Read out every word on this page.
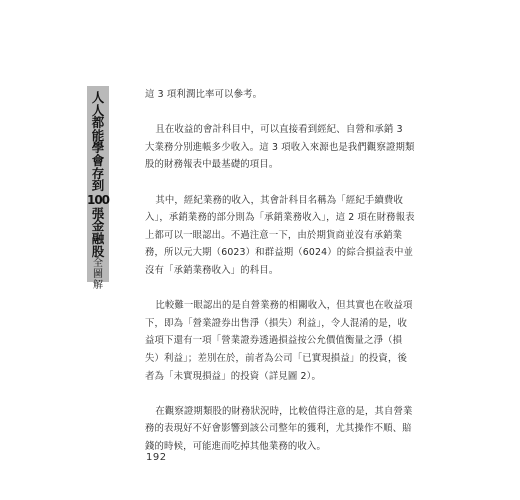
人
人
都
能
學
會
存
到
100
張
金
融
股
全
圖
解

這 3 項利潤比率可以參考。

且在收益的會計科目中，可以直接看到經紀、自營和承銷 3 大業務分別進帳多少收入。這 3 項收入來源也是我們觀察證期類股的財務報表中最基礎的項目。

其中，經紀業務的收入，其會計科目名稱為「經紀手續費收入」，承銷業務的部分則為「承銷業務收入」，這 2 項在財務報表上都可以一眼認出。不過注意一下，由於期貨商並沒有承銷業務，所以元大期（6023）和群益期（6024）的綜合損益表中並沒有「承銷業務收入」的科目。

比較難一眼認出的是自營業務的相關收入，但其實也在收益項下，即為「營業證券出售淨（損失）利益」，令人混淆的是，收益項下還有一項「營業證券透過損益按公允價值衡量之淨（損失）利益」；差別在於，前者為公司「已實現損益」的投資，後者為「未實現損益」的投資（詳見圖 2）。

在觀察證期類股的財務狀況時，比較值得注意的是，其自營業務的表現好不好會影響到該公司整年的獲利，尤其操作不順、賠錢的時候，可能進而吃掉其他業務的收入。

192
